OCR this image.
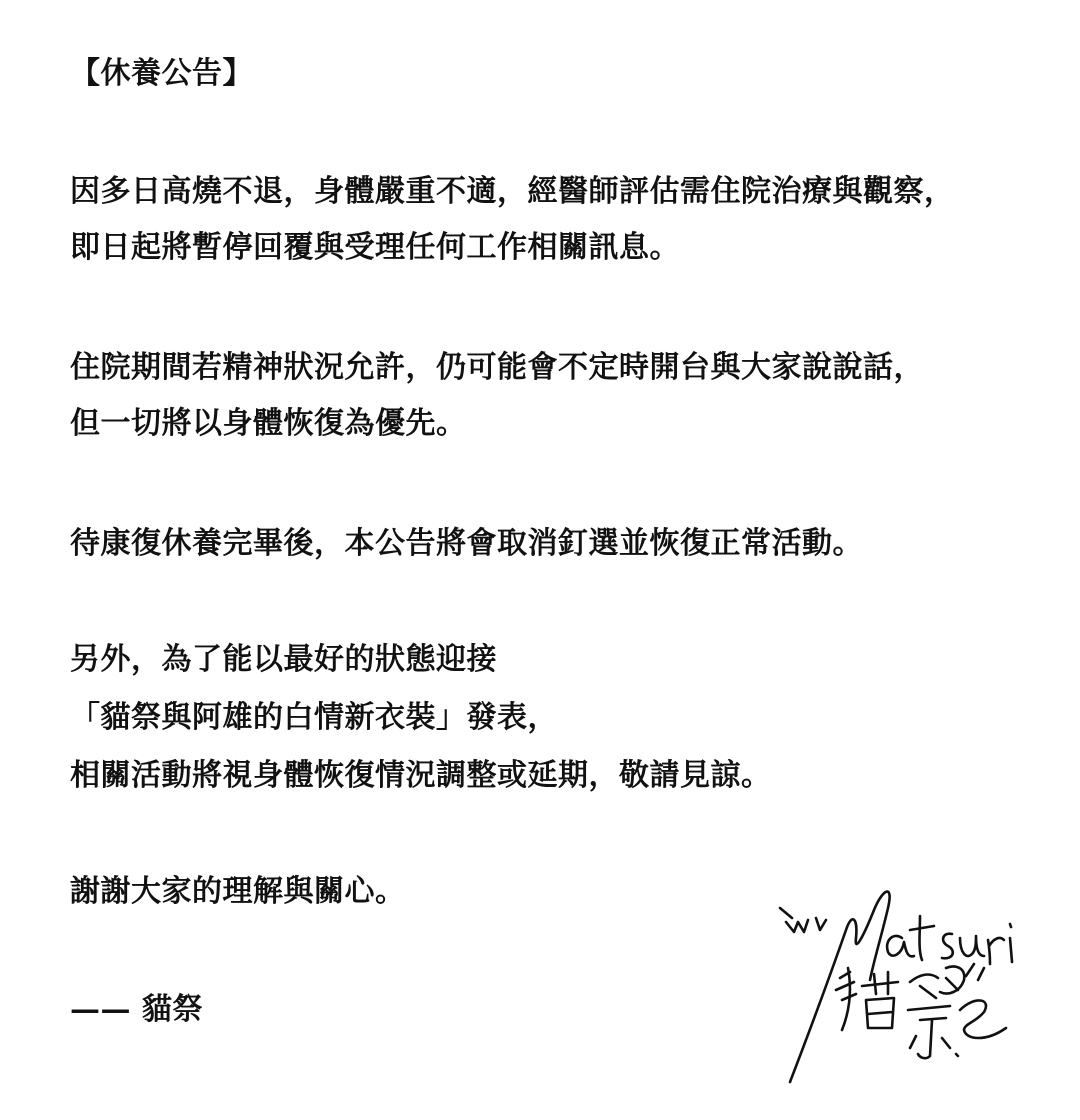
【休養公告】
因多日高燒不退，身體嚴重不適，經醫師評估需住院治療與觀察，
即日起將暫停回覆與受理任何工作相關訊息。
住院期間若精神狀況允許，仍可能會不定時開台與大家說說話，
但一切將以身體恢復為優先。
待康復休養完畢後，本公告將會取消釘選並恢復正常活動。
另外，為了能以最好的狀態迎接
「貓祭與阿雄的白情新衣裝」發表，
相關活動將視身體恢復情況調整或延期，敬請見諒。
謝謝大家的理解與關心。
—— 貓祭
